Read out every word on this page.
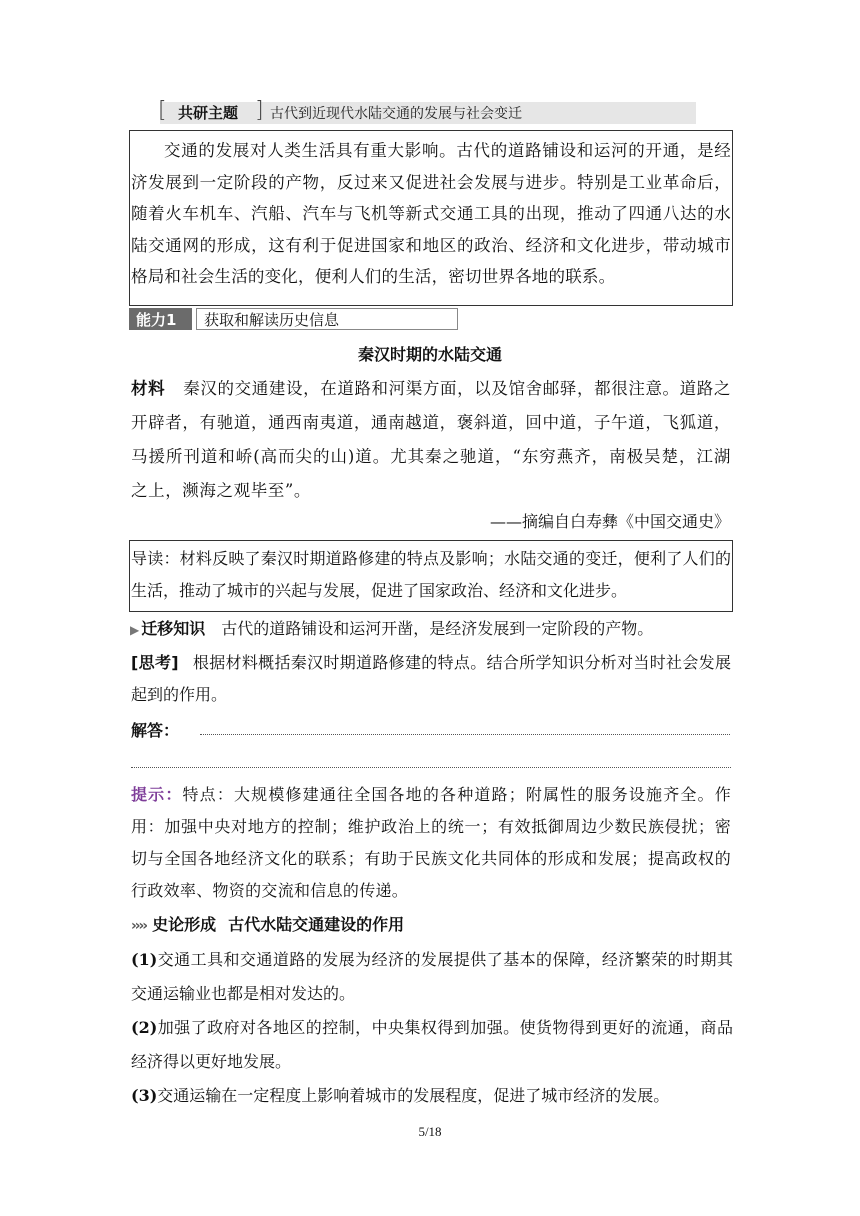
[ 共研主题 ] 古代到近现代水陆交通的发展与社会变迁
交通的发展对人类生活具有重大影响。古代的道路铺设和运河的开通，是经济发展到一定阶段的产物，反过来又促进社会发展与进步。特别是工业革命后，随着火车机车、汽船、汽车与飞机等新式交通工具的出现，推动了四通八达的水陆交通网的形成，这有利于促进国家和地区的政治、经济和文化进步，带动城市格局和社会生活的变化，便利人们的生活，密切世界各地的联系。
能力1 获取和解读历史信息
秦汉时期的水陆交通
材料 秦汉的交通建设，在道路和河渠方面，以及馆舍邮驿，都很注意。道路之开辟者，有驰道，通西南夷道，通南越道，褒斜道，回中道，子午道，飞狐道，马援所刊道和峤(高而尖的山)道。尤其秦之驰道，“东穷燕齐，南极吴楚，江湖之上，濒海之观毕至”。
——摘编自白寿彝《中国交通史》
导读：材料反映了秦汉时期道路修建的特点及影响；水陆交通的变迁，便利了人们的生活，推动了城市的兴起与发展，促进了国家政治、经济和文化进步。
▶ 迁移知识 古代的道路铺设和运河开凿，是经济发展到一定阶段的产物。
[思考] 根据材料概括秦汉时期道路修建的特点。结合所学知识分析对当时社会发展起到的作用。
解答：
提示：特点：大规模修建通往全国各地的各种道路；附属性的服务设施齐全。作用：加强中央对地方的控制；维护政治上的统一；有效抵御周边少数民族侵扰；密切与全国各地经济文化的联系；有助于民族文化共同体的形成和发展；提高政权的行政效率、物资的交流和信息的传递。
›››› 史论形成 古代水陆交通建设的作用

(1)交通工具和交通道路的发展为经济的发展提供了基本的保障，经济繁荣的时期其交通运输业也都是相对发达的。

(2)加强了政府对各地区的控制，中央集权得到加强。使货物得到更好的流通，商品经济得以更好地发展。

(3)交通运输在一定程度上影响着城市的发展程度，促进了城市经济的发展。

5/18
